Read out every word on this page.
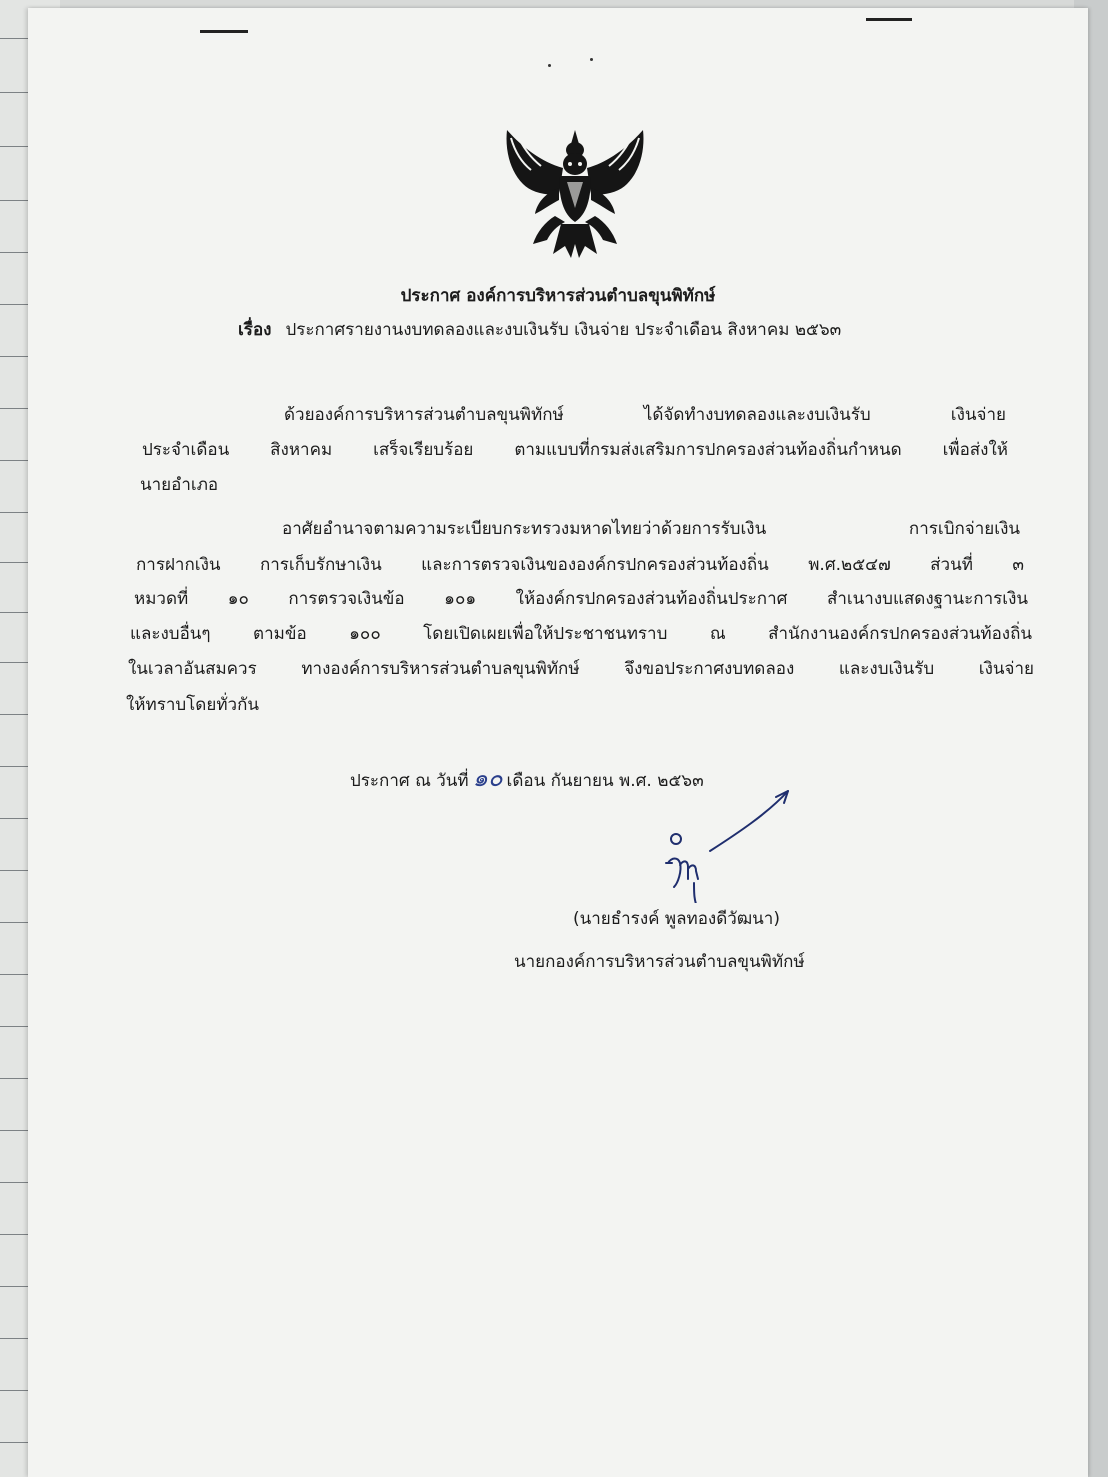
ประกาศ องค์การบริหารส่วนตำบลขุนพิทักษ์
เรื่อง ประกาศรายงานงบทดลองและงบเงินรับ เงินจ่าย ประจำเดือน สิงหาคม ๒๕๖๓
ด้วยองค์การบริหารส่วนตำบลขุนพิทักษ์ ได้จัดทำงบทดลองและงบเงินรับ เงินจ่าย
ประจำเดือน สิงหาคม เสร็จเรียบร้อย ตามแบบที่กรมส่งเสริมการปกครองส่วนท้องถิ่นกำหนด เพื่อส่งให้
นายอำเภอ
อาศัยอำนาจตามความระเบียบกระทรวงมหาดไทยว่าด้วยการรับเงิน การเบิกจ่ายเงิน
การฝากเงิน การเก็บรักษาเงิน และการตรวจเงินขององค์กรปกครองส่วนท้องถิ่น พ.ศ.๒๕๔๗ ส่วนที่ ๓
หมวดที่ ๑๐ การตรวจเงินข้อ ๑๐๑ ให้องค์กรปกครองส่วนท้องถิ่นประกาศ สำเนางบแสดงฐานะการเงิน
และงบอื่นๆ ตามข้อ ๑๐๐ โดยเปิดเผยเพื่อให้ประชาชนทราบ ณ สำนักงานองค์กรปกครองส่วนท้องถิ่น
ในเวลาอันสมควร ทางองค์การบริหารส่วนตำบลขุนพิทักษ์ จึงขอประกาศงบทดลอง และงบเงินรับ เงินจ่าย
ให้ทราบโดยทั่วกัน
ประกาศ ณ วันที่ ๑๐ เดือน กันยายน พ.ศ. ๒๕๖๓
(นายธำรงค์ พูลทองดีวัฒนา)
นายกองค์การบริหารส่วนตำบลขุนพิทักษ์
